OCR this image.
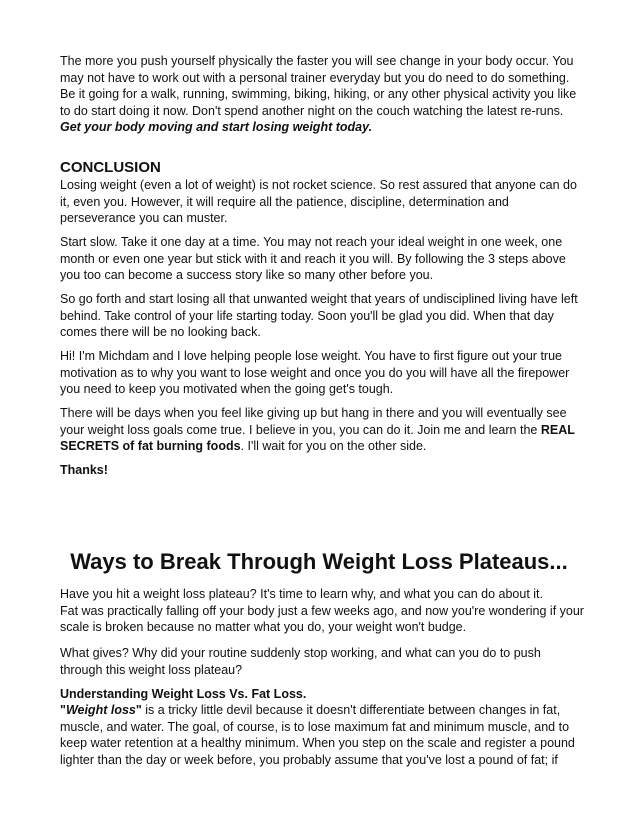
The more you push yourself physically the faster you will see change in your body occur. You may not have to work out with a personal trainer everyday but you do need to do something. Be it going for a walk, running, swimming, biking, hiking, or any other physical activity you like to do start doing it now. Don't spend another night on the couch watching the latest re-runs. Get your body moving and start losing weight today.
CONCLUSION
Losing weight (even a lot of weight) is not rocket science. So rest assured that anyone can do it, even you. However, it will require all the patience, discipline, determination and perseverance you can muster.
Start slow. Take it one day at a time. You may not reach your ideal weight in one week, one month or even one year but stick with it and reach it you will. By following the 3 steps above you too can become a success story like so many other before you.
So go forth and start losing all that unwanted weight that years of undisciplined living have left behind. Take control of your life starting today. Soon you'll be glad you did. When that day comes there will be no looking back.
Hi! I'm Michdam and I love helping people lose weight. You have to first figure out your true motivation as to why you want to lose weight and once you do you will have all the firepower you need to keep you motivated when the going get's tough.
There will be days when you feel like giving up but hang in there and you will eventually see your weight loss goals come true. I believe in you, you can do it. Join me and learn the REAL SECRETS of fat burning foods. I'll wait for you on the other side.
Thanks!
Ways to Break Through Weight Loss Plateaus...
Have you hit a weight loss plateau? It's time to learn why, and what you can do about it.
Fat was practically falling off your body just a few weeks ago, and now you're wondering if your scale is broken because no matter what you do, your weight won't budge.
What gives? Why did your routine suddenly stop working, and what can you do to push through this weight loss plateau?
Understanding Weight Loss Vs. Fat Loss.
"Weight loss" is a tricky little devil because it doesn't differentiate between changes in fat, muscle, and water. The goal, of course, is to lose maximum fat and minimum muscle, and to keep water retention at a healthy minimum. When you step on the scale and register a pound lighter than the day or week before, you probably assume that you've lost a pound of fat; if
